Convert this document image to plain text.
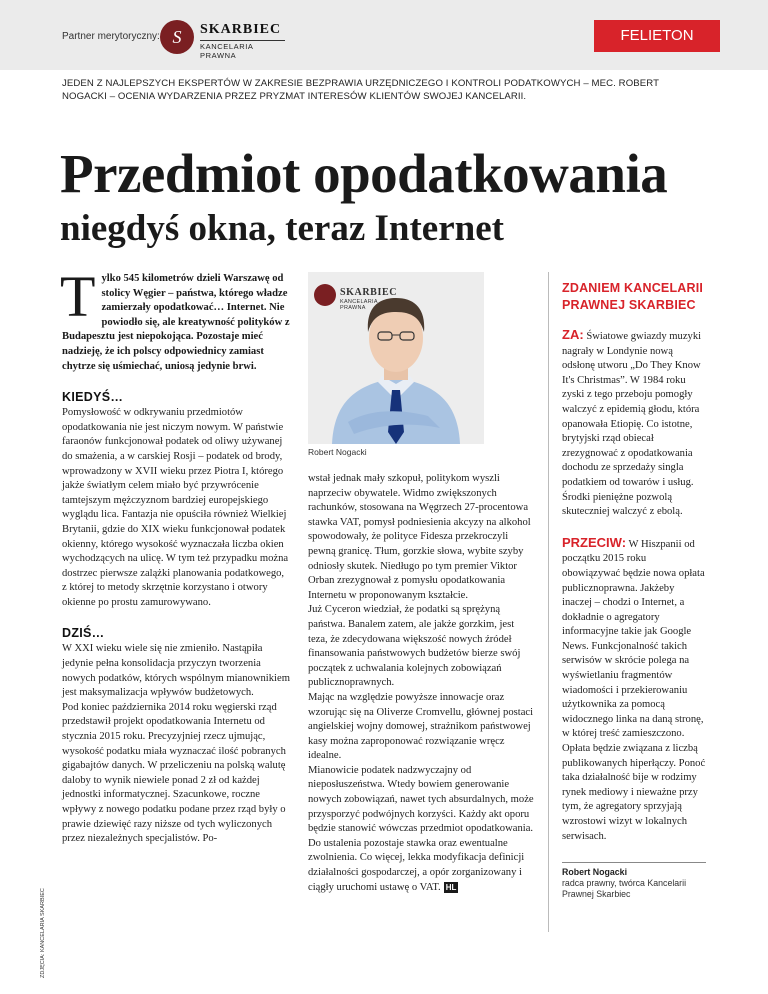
Partner merytoryczny: S	SKARBIEC
KANCELARIA PRAWNA
FELIETON
JEDEN Z NAJLEPSZYCH EKSPERTÓW W ZAKRESIE BEZPRAWIA URZĘDNICZEGO I KONTROLI PODATKOWYCH – MEC. ROBERT NOGACKI – OCENIA WYDARZENIA PRZEZ PRYZMAT INTERESÓW KLIENTÓW SWOJEJ KANCELARII.
Przedmiot opodatkowania
niegdyś okna, teraz Internet

Tylko 545 kilometrów dzieli Warszawę od stolicy Węgier – państwa, którego władze zamierzały opodatkować… Internet. Nie powiodło się, ale kreatywność polityków z Budapesztu jest niepokojąca. Pozostaje mieć nadzieję, że ich polscy odpowiednicy zamiast chytrze się uśmiechać, uniosą jedynie brwi.

KIEDYŚ…

Pomysłowość w odkrywaniu przedmiotów opodatkowania nie jest niczym nowym. W państwie faraonów funkcjonował podatek od oliwy używanej do smażenia, a w carskiej Rosji – podatek od brody, wprowadzony w XVII wieku przez Piotra I, którego jakże światłym celem miało być przywrócenie tamtejszym mężczyznom bardziej europejskiego wyglądu lica. Fantazja nie opuściła również Wielkiej Brytanii, gdzie do XIX wieku funkcjonował podatek okienny, którego wysokość wyznaczała liczba okien wychodzących na ulicę. W tym też przypadku można dostrzec pierwsze zalążki planowania podatkowego, z której to metody skrzętnie korzystano i otwory okienne po prostu zamurowywano.

DZIŚ…

W XXI wieku wiele się nie zmieniło. Nastąpiła jedynie pełna konsolidacja przyczyn tworzenia nowych podatków, których wspólnym mianownikiem jest maksymalizacja wpływów budżetowych.

Pod koniec października 2014 roku węgierski rząd przedstawił projekt opodatkowania Internetu od stycznia 2015 roku. Precyzyjniej rzecz ujmując, wysokość podatku miała wyznaczać ilość pobranych gigabajtów danych. W przeliczeniu na polską walutę daloby to wynik niewiele ponad 2 zł od każdej jednostki informatycznej. Szacunkowe, roczne wpływy z nowego podatku podane przez rząd były o prawie dziewięć razy niższe od tych wyliczonych przez niezależnych specjalistów. Po-

SKARBIEC
KANCELARIA PRAWNA
Robert Nogacki

wstał jednak mały szkopuł, politykom wyszli naprzeciw obywatele. Widmo zwiększonych rachunków, stosowana na Węgrzech 27-procentowa stawka VAT, pomysł podniesienia akcyzy na alkohol spowodowały, że polityce Fidesza przekroczyli pewną granicę. Tłum, gorzkie słowa, wybite szyby odniosły skutek. Niedługo po tym premier Viktor Orban zrezygnował z pomysłu opodatkowania Internetu w proponowanym kształcie.

Już Cyceron wiedział, że podatki są sprężyną państwa. Banalem zatem, ale jakże gorzkim, jest teza, że zdecydowana większość nowych źródeł finansowania państwowych budżetów bierze swój początek z uchwalania kolejnych zobowiązań publicznoprawnych.

Mając na względzie powyższe innowacje oraz wzorując się na Oliverze Cromvellu, głównej postaci angielskiej wojny domowej, strażnikom państwowej kasy można zaproponować rozwiązanie wręcz idealne.

Mianowicie podatek nadzwyczajny od nieposłuszeństwa. Wtedy bowiem generowanie nowych zobowiązań, nawet tych absurdalnych, może przysporzyć podwójnych korzyści. Każdy akt oporu będzie stanowić wówczas przedmiot opodatkowania. Do ustalenia pozostaje stawka oraz ewentualne zwolnienia. Co więcej, lekka modyfikacja definicji działalności gospodarczej, a opór zorganizowany i ciągły uruchomi ustawę o VAT. HL

ZDANIEM KANCELARII PRAWNEJ SKARBIEC

ZA: Światowe gwiazdy muzyki nagrały w Londynie nową odsłonę utworu „Do They Know It's Christmas”. W 1984 roku zyski z tego przeboju pomogły walczyć z epidemią głodu, która opanowała Etiopię. Co istotne, brytyjski rząd obiecał zrezygnować z opodatkowania dochodu ze sprzedaży singla podatkiem od towarów i usług. Środki pieniężne pozwolą skuteczniej walczyć z ebolą.

PRZECIW: W Hiszpanii od początku 2015 roku obowiązywać będzie nowa opłata publicznoprawna. Jakżeby inaczej – chodzi o Internet, a dokładnie o agregatory informacyjne takie jak Google News. Funkcjonalność takich serwisów w skrócie polega na wyświetlaniu fragmentów wiadomości i przekierowaniu użytkownika za pomocą widocznego linka na daną stronę, w której treść zamieszczono. Opłata będzie związana z liczbą publikowanych hiperłączy. Ponoć taka działalność bije w rodzimy rynek mediowy i nieważne przy tym, że agregatory sprzyjają wzrostowi wizyt w lokalnych serwisach.

Robert Nogacki
radca prawny, twórca Kancelarii Prawnej Skarbiec
ZDJĘCIA: KANCELARIA SKARBIEC
